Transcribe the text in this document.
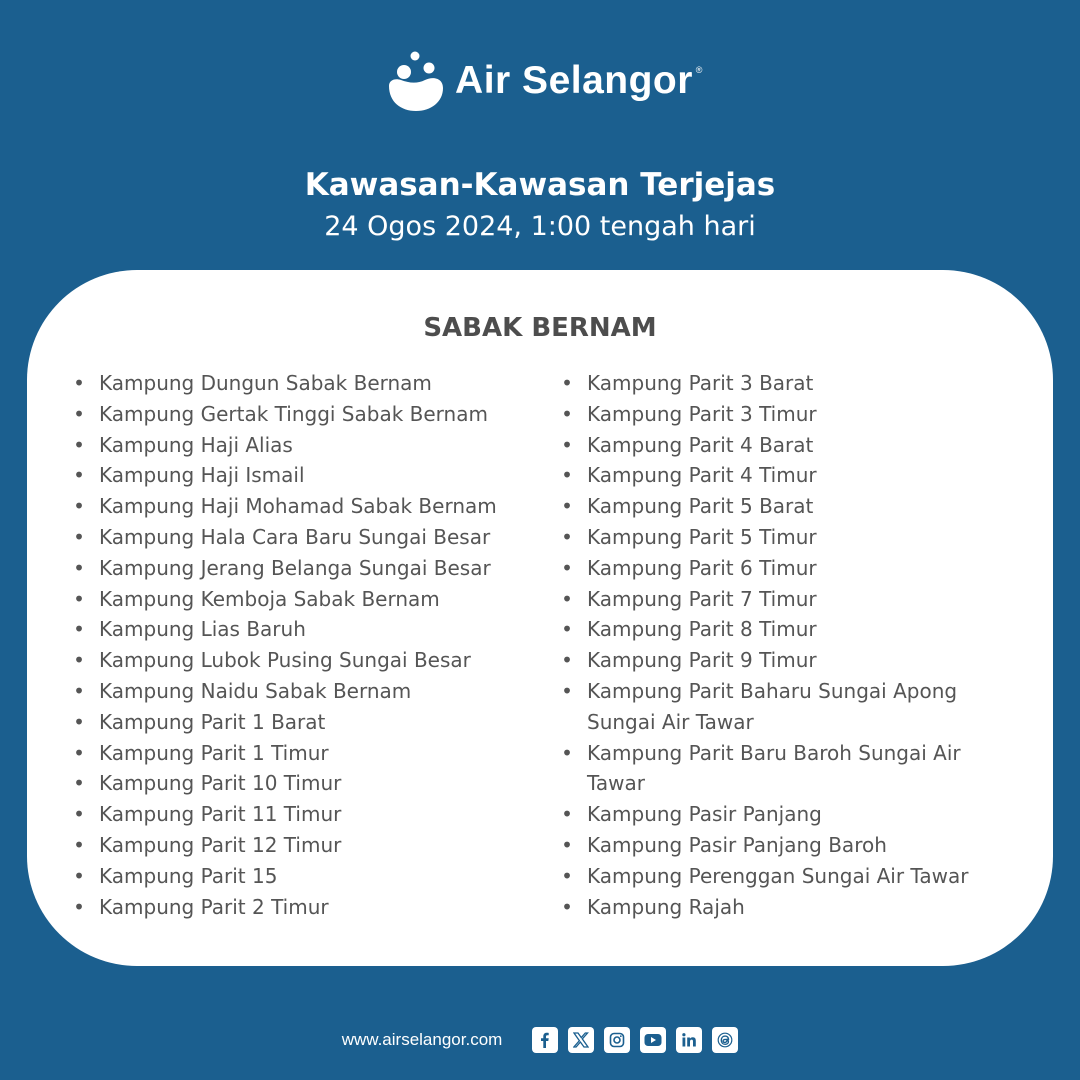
Air Selangor ®
Kawasan-Kawasan Terjejas
24 Ogos 2024, 1:00 tengah hari
SABAK BERNAM
• Kampung Dungun Sabak Bernam
• Kampung Gertak Tinggi Sabak Bernam
• Kampung Haji Alias
• Kampung Haji Ismail
• Kampung Haji Mohamad Sabak Bernam
• Kampung Hala Cara Baru Sungai Besar
• Kampung Jerang Belanga Sungai Besar
• Kampung Kemboja Sabak Bernam
• Kampung Lias Baruh
• Kampung Lubok Pusing Sungai Besar
• Kampung Naidu Sabak Bernam
• Kampung Parit 1 Barat
• Kampung Parit 1 Timur
• Kampung Parit 10 Timur
• Kampung Parit 11 Timur
• Kampung Parit 12 Timur
• Kampung Parit 15
• Kampung Parit 2 Timur
• Kampung Parit 3 Barat
• Kampung Parit 3 Timur
• Kampung Parit 4 Barat
• Kampung Parit 4 Timur
• Kampung Parit 5 Barat
• Kampung Parit 5 Timur
• Kampung Parit 6 Timur
• Kampung Parit 7 Timur
• Kampung Parit 8 Timur
• Kampung Parit 9 Timur
• Kampung Parit Baharu Sungai Apong Sungai Air Tawar
• Kampung Parit Baru Baroh Sungai Air Tawar
• Kampung Pasir Panjang
• Kampung Pasir Panjang Baroh
• Kampung Perenggan Sungai Air Tawar
• Kampung Rajah
www.airselangor.com
